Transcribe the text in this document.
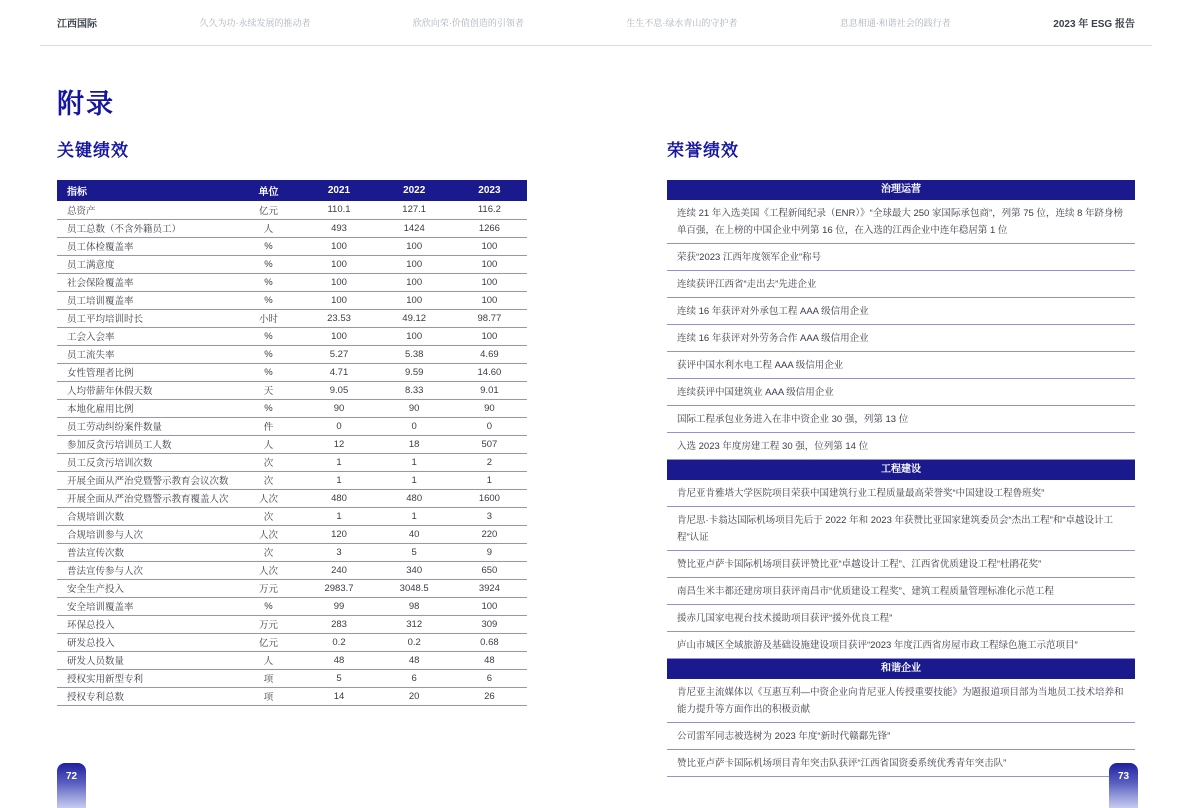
江西国际	久久为功·永续发展的推动者	欣欣向荣·价值创造的引领者	生生不息·绿水青山的守护者	息息相通·和谐社会的践行者	2023 年 ESG 报告
附录
关键绩效	荣誉绩效
指标	单位	2021	2022	2023
总资产	亿元	110.1	127.1	116.2
员工总数（不含外籍员工）	人	493	1424	1266
员工体检覆盖率	%	100	100	100
员工满意度	%	100	100	100
社会保险覆盖率	%	100	100	100
员工培训覆盖率	%	100	100	100
员工平均培训时长	小时	23.53	49.12	98.77
工会入会率	%	100	100	100
员工流失率	%	5.27	5.38	4.69
女性管理者比例	%	4.71	9.59	14.60
人均带薪年休假天数	天	9.05	8.33	9.01
本地化雇用比例	%	90	90	90
员工劳动纠纷案件数量	件	0	0	0
参加反贪污培训员工人数	人	12	18	507
员工反贪污培训次数	次	1	1	2
开展全面从严治党暨警示教育会议次数	次	1	1	1
开展全面从严治党暨警示教育覆盖人次	人次	480	480	1600
合规培训次数	次	1	1	3
合规培训参与人次	人次	120	40	220
普法宣传次数	次	3	5	9
普法宣传参与人次	人次	240	340	650
安全生产投入	万元	2983.7	3048.5	3924
安全培训覆盖率	%	99	98	100
环保总投入	万元	283	312	309
研发总投入	亿元	0.2	0.2	0.68
研发人员数量	人	48	48	48
授权实用新型专利	项	5	6	6
授权专利总数	项	14	20	26
治理运营
连续 21 年入选美国《工程新闻纪录（ENR）》“全球最大 250 家国际承包商”，列第 75 位，连续 8 年跻身榜单百强，在上榜的中国企业中列第 16 位，在入选的江西企业中连年稳居第 1 位
荣获“2023 江西年度领军企业”称号
连续获评江西省“走出去”先进企业
连续 16 年获评对外承包工程 AAA 级信用企业
连续 16 年获评对外劳务合作 AAA 级信用企业
获评中国水利水电工程 AAA 级信用企业
连续获评中国建筑业 AAA 级信用企业
国际工程承包业务进入在非中资企业 30 强，列第 13 位
入选 2023 年度房建工程 30 强，位列第 14 位
工程建设
肯尼亚肯雅塔大学医院项目荣获中国建筑行业工程质量最高荣誉奖“中国建设工程鲁班奖”
肯尼思·卡翁达国际机场项目先后于 2022 年和 2023 年获赞比亚国家建筑委员会“杰出工程”和“卓越设计工程”认证
赞比亚卢萨卡国际机场项目获评赞比亚“卓越设计工程”、江西省优质建设工程“杜鹃花奖”
南昌生米丰都还建房项目获评南昌市“优质建设工程奖”、建筑工程质量管理标准化示范工程
援赤几国家电视台技术援助项目获评“援外优良工程”
庐山市城区全域旅游及基础设施建设项目获评“2023 年度江西省房屋市政工程绿色施工示范项目”
和谐企业
肯尼亚主流媒体以《互惠互利—中资企业向肯尼亚人传授重要技能》为题报道项目部为当地员工技术培养和能力提升等方面作出的积极贡献
公司雷军同志被选树为 2023 年度“新时代赣鄱先锋”
赞比亚卢萨卡国际机场项目青年突击队获评“江西省国资委系统优秀青年突击队”
72	73
